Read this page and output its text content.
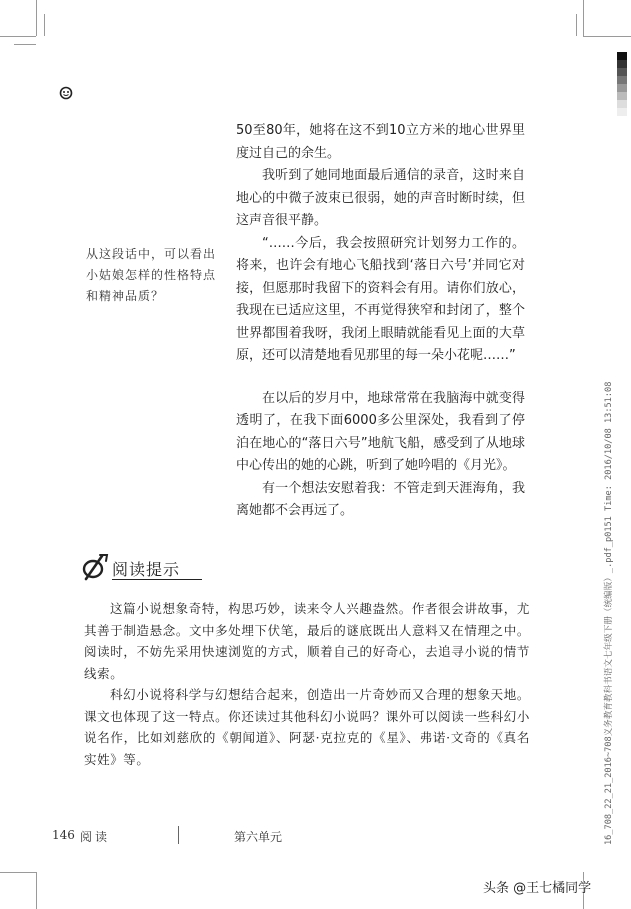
从这段话中，可以看出小姑娘怎样的性格特点和精神品质？

50至80年，她将在这不到10立方米的地心世界里度过自己的余生。

我听到了她同地面最后通信的录音，这时来自地心的中微子波束已很弱，她的声音时断时续，但这声音很平静。

“……今后，我会按照研究计划努力工作的。将来，也许会有地心飞船找到‘落日六号’并同它对接，但愿那时我留下的资料会有用。请你们放心，我现在已适应这里，不再觉得狭窄和封闭了，整个世界都围着我呀，我闭上眼睛就能看见上面的大草原，还可以清楚地看见那里的每一朵小花呢……”

在以后的岁月中，地球常常在我脑海中就变得透明了，在我下面6000多公里深处，我看到了停泊在地心的“落日六号”地航飞船，感受到了从地球中心传出的她的心跳，听到了她吟唱的《月光》。

有一个想法安慰着我：不管走到天涯海角，我离她都不会再远了。

阅读提示

这篇小说想象奇特，构思巧妙，读来令人兴趣盎然。作者很会讲故事，尤其善于制造悬念。文中多处埋下伏笔，最后的谜底既出人意料又在情理之中。阅读时，不妨先采用快速浏览的方式，顺着自己的好奇心，去追寻小说的情节线索。

科幻小说将科学与幻想结合起来，创造出一片奇妙而又合理的想象天地。课文也体现了这一特点。你还读过其他科幻小说吗？课外可以阅读一些科幻小说名作，比如刘慈欣的《朝闻道》、阿瑟·克拉克的《星》、弗诺·文奇的《真名实姓》等。

146 阅读	第六单元	16_708_22_21_2016~708义务教育教科书语文七年级下册（统编版）_.pdf_p0151 Time: 2016/10/08 13:51:08
头条 @王七橘同学
